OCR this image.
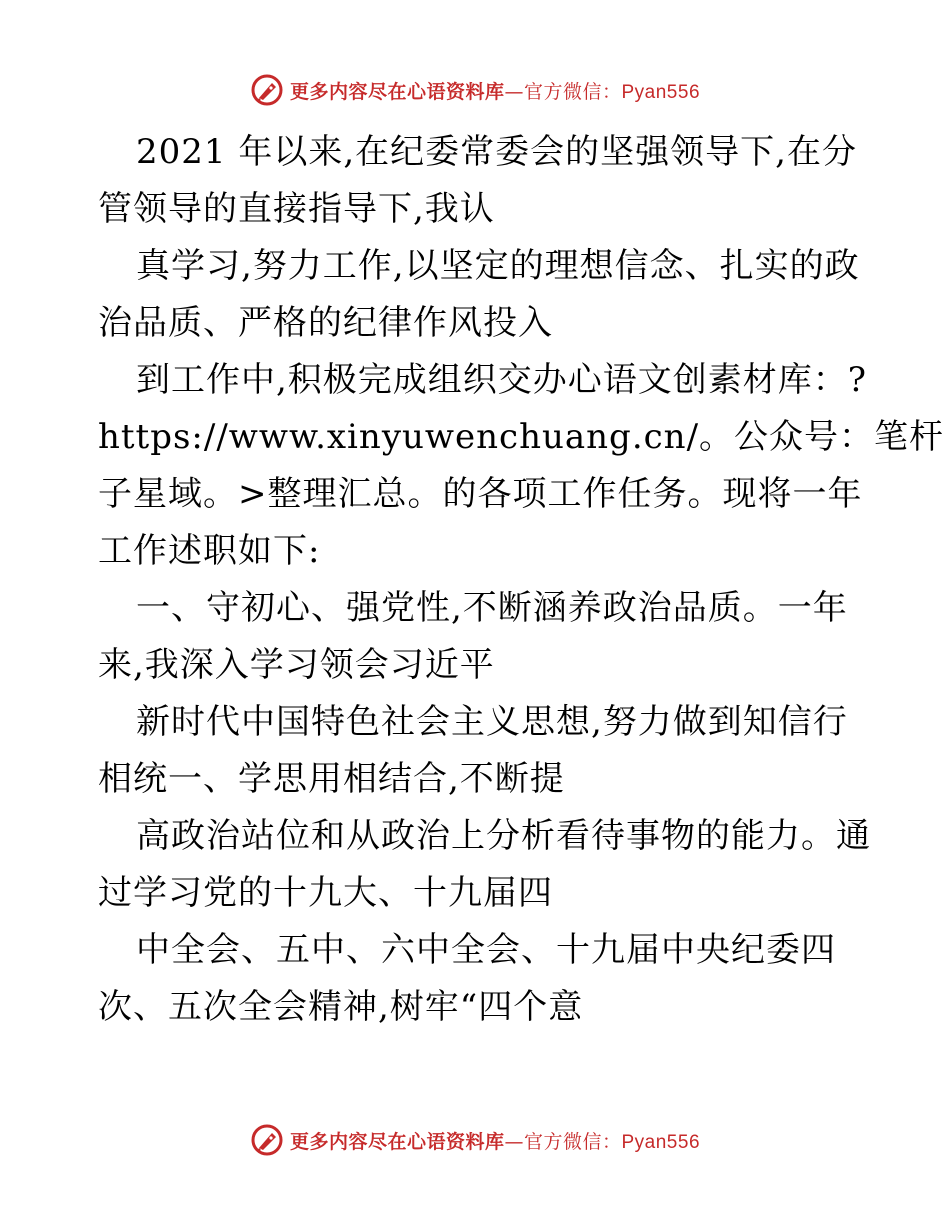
更多内容尽在心语资料库—官方微信：Pyan556
2021 年以来,在纪委常委会的坚强领导下,在分
管领导的直接指导下,我认
真学习,努力工作,以坚定的理想信念、扎实的政
治品质、严格的纪律作风投入
到工作中,积极完成组织交办心语文创素材库：?
https://www.xinyuwenchuang.cn/。公众号：笔杆
子星域。>整理汇总。的各项工作任务。现将一年
工作述职如下:
一、守初心、强党性,不断涵养政治品质。一年
来,我深入学习领会习近平
新时代中国特色社会主义思想,努力做到知信行
相统一、学思用相结合,不断提
高政治站位和从政治上分析看待事物的能力。通
过学习党的十九大、十九届四
中全会、五中、六中全会、十九届中央纪委四
次、五次全会精神,树牢“四个意
更多内容尽在心语资料库—官方微信：Pyan556
